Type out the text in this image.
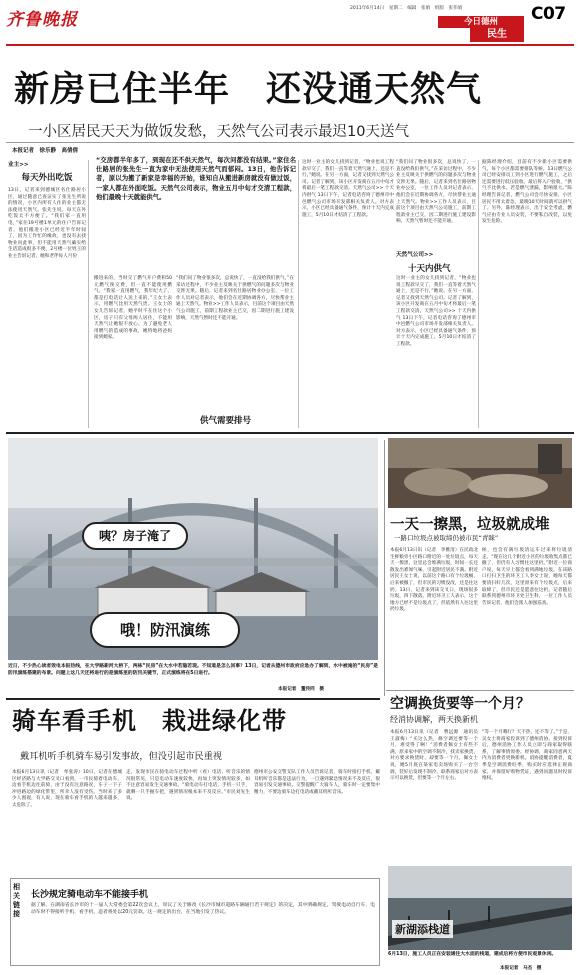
齐鲁晚报
2011年6月14日　星期二　编辑　张娟　组版　张伟娟
今日德州
民生
C07
新房已住半年　还没通天然气
一小区居民天天为做饭发愁，天然气公司表示最迟10天送气
本报记者　徐乐静　高倩倩
业主>>
每天外出吃饭
13日，记者来到德城区名仕路居小区，通过随意已查证实了张先生所说的情况，小区内所有人住的业主都无法使用天然气。张先生说，每天在外吃饭太不方便了。“我们家一直用电，”家住19号楼1单元的住户告诉记者，他们搬进小区已经近半年时间了，因为工作忙的缘故，也没有去找物业问此事，但不能用天然气确实给生活造成很多不便。2号楼一位姓王的业主告诉记者，她和老伴每人月份
“交房都半年多了，到现在还不供天然气，每次问都没有结果。”家住名仕路居的张先生一直为家中无法使用天然气而郁闷。13日，他告诉记者，原以为搬了新家是幸福的开始，谁知自从搬进新房就没有做过饭，一家人都在外面吃饭。天然气公司表示，物业五月中旬才交清工程款，他们最晚十天就能供气。
搬进来的，当时交了燃气开户费和50元燃气预交费，但一直不能使用燃气。“我家一直用燃气，我年纪大了，都是打电话让人送上来的，”王女士表示，用燃气比用天然气贵。王女士的女儿告诉记者，她平时不在住这个小区，房子只有父母两人居住，不能用天然气让她很不放心。为了避免老人用燃气的造成的事故，她特地将爸妈接到她家。
“我们问了物业很多次，总说快了，一直没给我们供气，”在采访过程中，不少业主反映关于供燃气的问题多次与物业交涉无果。随后，记者来到名仕路居物业办公室，一位工作人员对记者表示，他们会在近期协调各方，尽快帮业主通上天然气。物业>>工作人员表示，目前这个项目由天然气公司施工，前期工程款业主已交，因二期进行施工建设影响，天然气暂时还不能开通。
供气需要排号
这时一业主的女儿找到记者，“物业也说工程款早交了，我们一直等着天然气通上，还是不行，”她说。在另一方面，记者又找到天然气公司。记者了解到，该小区开发商在五月中旬才将最后一笔工程款交清。天然气公司>> 十天内供气 13日下午，记者电话咨询了德州市中邑燃气公司市场开发部相关负责人。对方表示，小区已经具备通气条件，预计十天内完成施工，5月10日才结清了工程款。
天然气公司>>
十天内供气
“我们问了物业很多次，总说快了，一直没给我们供气，”在采访过程中，不少业主反映关于供燃气的问题多次与物业交涉无果。随后，记者来到名仕路居物业办公室，一位工作人员对记者表示，他们会在近期协调各方，尽快帮业主通上天然气。物业>>工作人员表示，目前这个项目由天然气公司施工，前期工程款业主已交，因二期进行施工建设影响，天然气暂时还不能开通。
这时一业主的女儿找到记者，“物业也说工程款早交了，我们一直等着天然气通上，还是不行，”她说。在另一方面，记者又找到天然气公司。记者了解到，该小区开发商在五月中旬才将最后一笔工程款交清。天然气公司>> 十天内供气 13日下午，记者电话咨询了德州市中邑燃气公司市场开发部相关负责人。对方表示，小区已经具备通气条件，预计十天内完成施工，5月10日才结清了工程款。
据陈经理介绍，目前有不少新小区需要供气，每个小区都需要排队等候。13日燃气公司已经安排员工到小区进行燃气施工，之后还需要进行低压验收、最后将入户验收，“供气不比供水，若是燃气泄漏，影响很大。”陈经理告诉记者，燃气公司会尽快安排，小区居民不用太着急，最晚10天时间就可以供气了。另外，陈经理表示，出于安全考虑，燃气应由专业人员安装，不要私自改装，以免发生危险。
咦？房子淹了
哦！防汛演练
近日，不少热心读者致电本报热线，在大学路新河大桥下，两栋“民房”在大水中若隐若现。不知道是怎么回事？13日，记者从德州市政府应急办了解到，水中被淹的“民房”是防汛演练搭建的布景。问题上这几天还将进行的是演练里的防汛关键节，正式演练将在5日进行。
本报记者　董传同　摄
一天一擦黑，垃圾就成堆
一路口垃圾点被取缔仍被市民“青睐”
本报6月13日讯（记者　李雅清）在民政北生鲜粮旁小区路口附近的一处垃圾点，每天天一擦黑，这里总会堆满垃圾，时间一长还散发出难闻气味，引起附近居民不满。附近居民王女士说，以前这个路口有个垃圾桶，后来被撤了，但市民的习惯没改，还是往这扔。13日，记者来到该交叉口，现场很多垃圾，四下散落。附近环卫工人表示，这个地方已经不是垃圾点了，但依然有人往这里扔垃圾。
候，也会有满垃圾清运车过来将垃圾清走。“现在这几个附近小区的垃圾收集点都已撤了，但仍有人习惯往这里扔。”附近一位商户说，每天早上都会看到满地垃圾。在该路口打扫卫生的环卫工人李女士说，她每天都要清扫好几次，这里原来有个垃圾点，后来取缔了，但市民还是愿意往这扔。记者随后联系到德州市环卫处卫生科，一位工作人员告诉记者，他们会派人加强巡查。
空调换货要等一个月？
经消协调解，两天换新机
本报6月13日讯（记者　曹远源　通讯员　王淑梅）“买这么热，修空调还要等一个月，难受得了啊！”消费者佩女士有些不满，原来家中的空调不制冷，找卖家换货，对方要求换货时，却要等一个月。佩女士说，她5月底在某家电卖场购买了一台空调，装好后发现不制冷，联系商家后对方表示可以换货，但要等一个月左右。
“等一个月哪行？天不热，还不等了。”于是，吴女士将商家投诉到了德州消协。接到投诉后，德州消协工作人员立即与商家取得联系，了解事情原委。经协调，商家同意两天内为消费者更换新机。消协提醒消费者，夏季是空调消费旺季，购买时应选择正规商家，并保留好购物凭证，遇到问题及时投诉维权。
骑车看手机　栽进绿化带
戴耳机听手机骑车易引发事故，但没引起市民重视
本报6月13日讯（记者　牟张涛）10日，记者在德城区经济路与大学路交叉口看到，一市民骑着电动车，边看手机边往前骑，由于没有注意路况，车子一下子冲进路边的绿化带里，所幸人没有受伤。当时来了多少人围观，有人说，现在骑车看手机的人越来越多，太危险了。
走，发现市民在骑电动车过程中听（看）电话、听音乐的情况很常见，只是电动车速度较快，再加上突发情况较多，如不注意容易发生交通事故。“骑电动车打电话，手机一只手，就剩一只手握车把，遇到情况根本来不及反应。”市民刘先生说。
德州市公安交警支队工作人员告诉记者，骑车时接打手机、戴耳机听音乐都是违法行为，一旦遇到紧急情况来不及反应，很容易引发交通事故。交警提醒广大骑车人，骑车时一定要集中精力，不要边骑车边打电话或戴耳机听音乐。
相关链接
长沙规定骑电动车不能接手机
据了解，在湖南省长沙市的十一届人大常委会第22次会议上，审议了关于修改《长沙市城市道路车辆通行若干规定》的决定，其中明确规定，驾驶电动自行车、电动车时不得接听手机、看手机，违者将处以20元罚款。这一规定的出台，在当地引发了热议。
新湖添栈道
6月13日，施工人员正在安装通往大水面的栈道，建成后将方便市民观景休闲。
本报记者　马杰　摄
